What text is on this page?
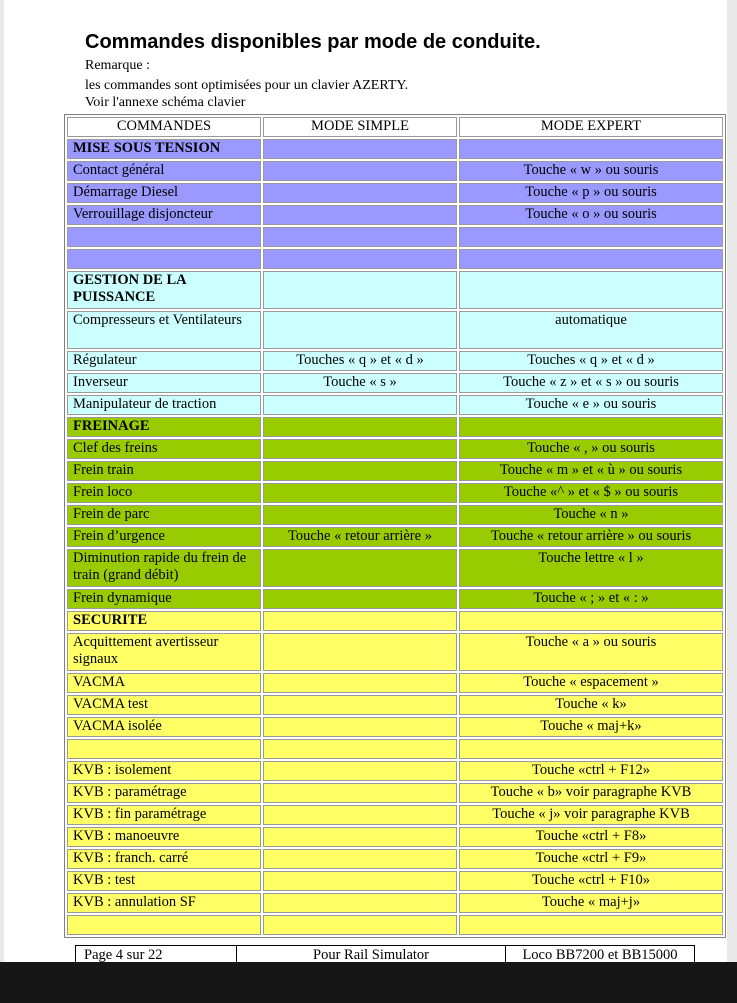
Commandes disponibles par mode de conduite.
Remarque :
les commandes sont optimisées pour un clavier AZERTY.
Voir l'annexe schéma clavier
COMMANDES	MODE SIMPLE	MODE EXPERT
MISE SOUS TENSION		
Contact général		Touche « w » ou souris
Démarrage Diesel		Touche « p » ou souris
Verrouillage disjoncteur		Touche « o » ou souris

GESTION DE LA PUISSANCE		
Compresseurs et Ventilateurs		automatique
Régulateur	Touches « q » et « d »	Touches « q » et « d »
Inverseur	Touche « s »	Touche « z » et « s » ou souris
Manipulateur de traction		Touche « e » ou souris
FREINAGE		
Clef des freins		Touche « , » ou souris
Frein train		Touche « m » et « ù » ou souris
Frein loco		Touche «^ » et « $ » ou souris
Frein de parc		Touche « n »
Frein d’urgence	Touche « retour arrière »	Touche « retour arrière » ou souris
Diminution rapide du frein de train (grand débit)		Touche lettre « l »
Frein dynamique		Touche « ; » et « : »
SECURITE		
Acquittement avertisseur signaux		Touche « a » ou souris
VACMA		Touche « espacement »
VACMA test		Touche « k»
VACMA isolée		Touche « maj+k»

KVB : isolement		Touche «ctrl + F12»
KVB : paramétrage		Touche « b» voir paragraphe KVB
KVB : fin paramétrage		Touche « j» voir paragraphe KVB
KVB : manoeuvre		Touche «ctrl + F8»
KVB : franch. carré		Touche «ctrl + F9»
KVB : test		Touche «ctrl + F10»
KVB : annulation SF		Touche « maj+j»

Page 4 sur 22	Pour Rail Simulator	Loco BB7200 et BB15000
